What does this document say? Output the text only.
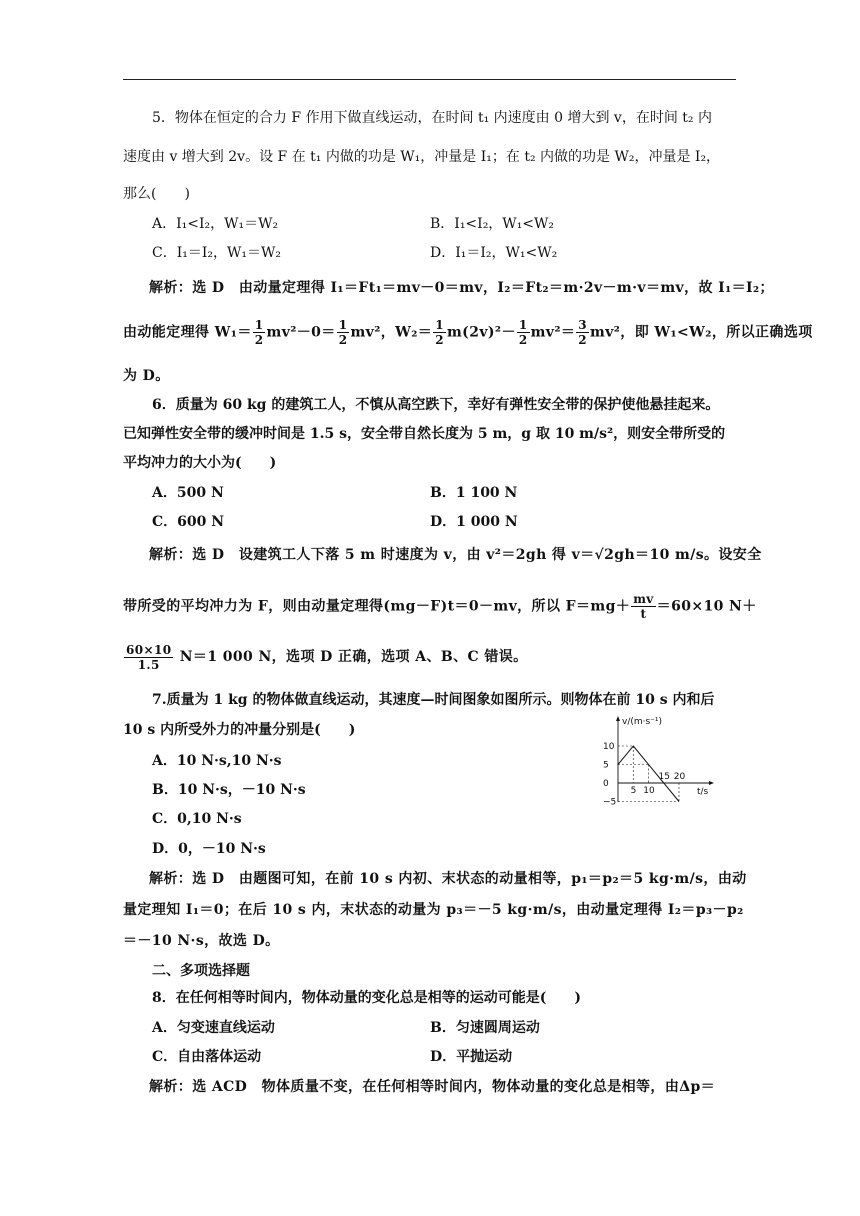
5．物体在恒定的合力 F 作用下做直线运动，在时间 t₁ 内速度由 0 增大到 v，在时间 t₂ 内
速度由 v 增大到 2v。设 F 在 t₁ 内做的功是 W₁，冲量是 I₁；在 t₂ 内做的功是 W₂，冲量是 I₂，
那么(　　)
A．I₁<I₂，W₁＝W₂	B．I₁<I₂，W₁<W₂
C．I₁＝I₂，W₁＝W₂	D．I₁＝I₂，W₁<W₂
解析：选 D　由动量定理得 I₁＝Ft₁＝mv－0＝mv，I₂＝Ft₂＝m·2v－m·v＝mv，故 I₁＝I₂；
由动能定理得 $W_1= \frac{1}{2} mv^2-0= \frac{1}{2} mv^2$，$W_2= \frac{1}{2} m(2v)^2- \frac{1}{2} mv^2= \frac{3}{2} mv^2$，即 W₁<W₂，所以正确选项
为 D。
6．质量为 60 kg 的建筑工人，不慎从高空跌下，幸好有弹性安全带的保护使他悬挂起来。
已知弹性安全带的缓冲时间是 1.5 s，安全带自然长度为 5 m，g 取 10 m/s²，则安全带所受的
平均冲力的大小为(　　)
A．500 N	B．1 100 N
C．600 N	D．1 000 N
解析：选 D　设建筑工人下落 5 m 时速度为 v，由 v²＝2gh 得 v＝√2gh＝10 m/s。设安全
带所受的平均冲力为 F，则由动量定理得(mg－F)t＝0－mv，所以 $F=mg+ \frac{mv}{t} =60\times 10$ N＋
$\frac{60\times 10}{1.5} N=1$ 000 N，选项 D 正确，选项 A、B、C 错误。
7.质量为 1 kg 的物体做直线运动，其速度—时间图象如图所示。则物体在前 10 s 内和后
10 s 内所受外力的冲量分别是(　　)
A．10 N·s,10 N·s
B．10 N·s，－10 N·s
C．0,10 N·s
D．0，－10 N·s
v/(m·s⁻¹)
t/s
10
5
0
−5
5 10
15 20
解析：选 D　由题图可知，在前 10 s 内初、末状态的动量相等，p₁＝p₂＝5 kg·m/s，由动
量定理知 I₁＝0；在后 10 s 内，末状态的动量为 p₃＝－5 kg·m/s，由动量定理得 I₂＝p₃－p₂
＝－10 N·s，故选 D。
二、多项选择题
8．在任何相等时间内，物体动量的变化总是相等的运动可能是(　　)
A．匀变速直线运动	B．匀速圆周运动
C．自由落体运动	D．平抛运动
解析：选 ACD　物体质量不变，在任何相等时间内，物体动量的变化总是相等，由Δp＝
